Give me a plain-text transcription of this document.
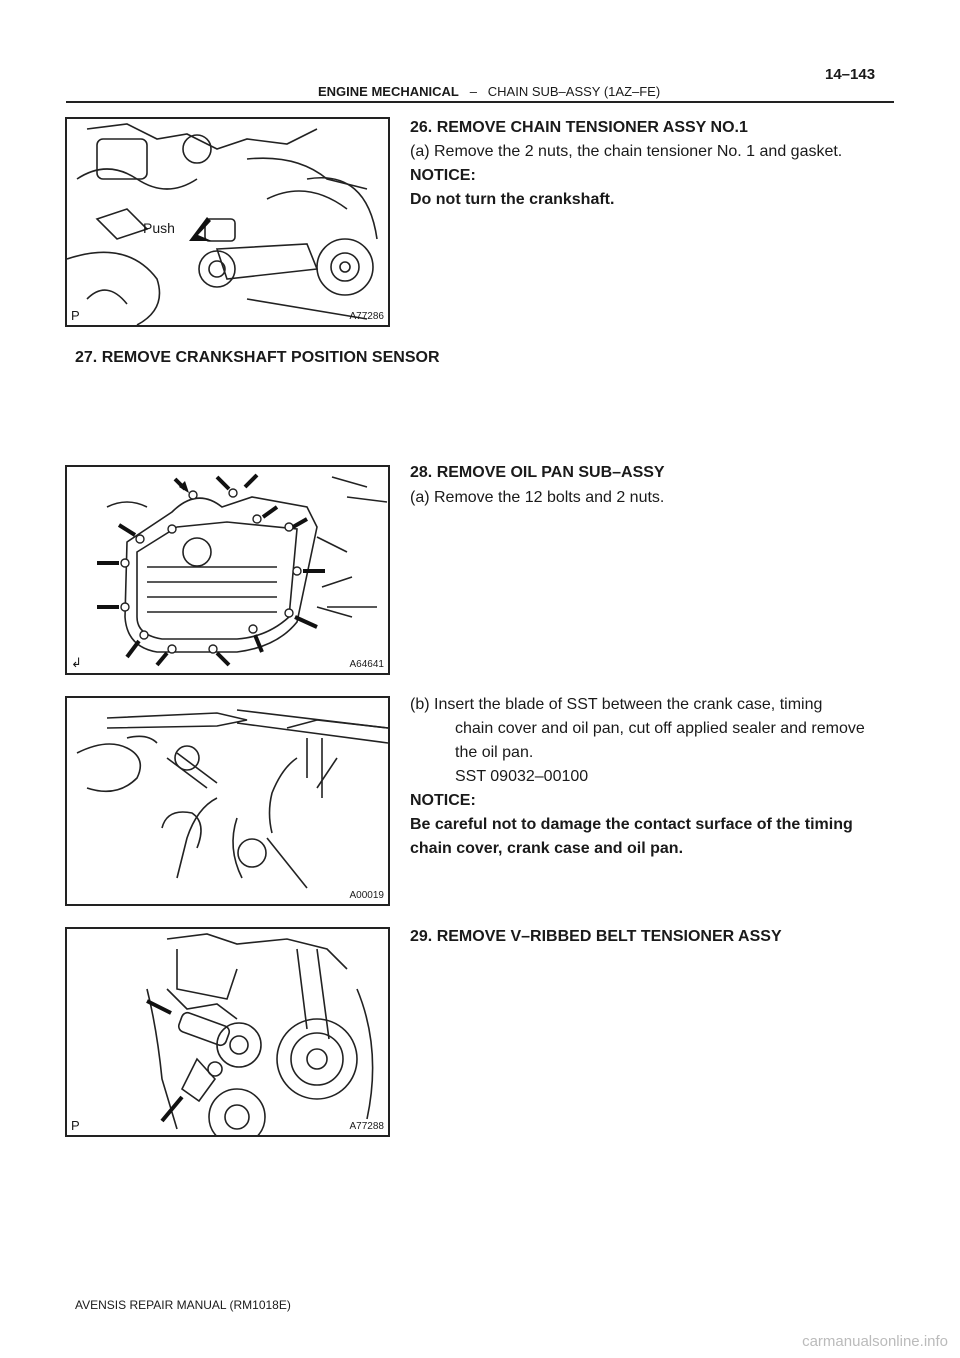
ENGINE MECHANICAL – CHAIN SUB–ASSY (1AZ–FE)
14–143
Push
P	A77286
26. REMOVE CHAIN TENSIONER ASSY NO.1
(a) Remove the 2 nuts, the chain tensioner No. 1 and gasket.
NOTICE:
Do not turn the crankshaft.
27. REMOVE CRANKSHAFT POSITION SENSOR
↲	A64641
28. REMOVE OIL PAN SUB–ASSY
(a) Remove the 12 bolts and 2 nuts.
A00019
(b) Insert the blade of SST between the crank case, timing
chain cover and oil pan, cut off applied sealer and remove
the oil pan.
SST 09032–00100
NOTICE:
Be careful not to damage the contact surface of the timing
chain cover, crank case and oil pan.
P	A77288
29. REMOVE V–RIBBED BELT TENSIONER ASSY
AVENSIS REPAIR MANUAL (RM1018E)
carmanualsonline.info
